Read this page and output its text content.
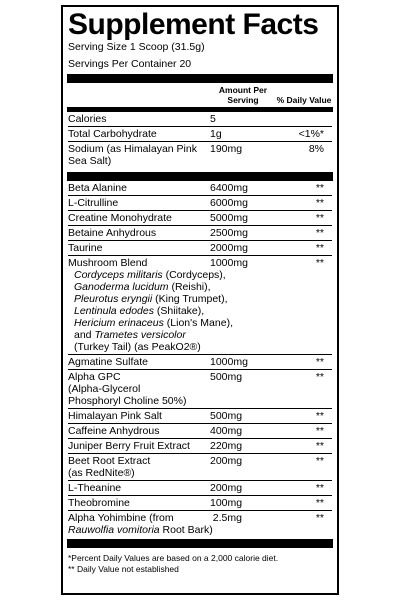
Supplement Facts
Serving Size 1 Scoop (31.5g)
Servings Per Container 20
Amount Per Serving	% Daily Value
Calories	5
Total Carbohydrate	1g	<1%*
Sodium (as Himalayan Pink Sea Salt)
190mg	8%
Beta Alanine	6400mg	**
L-Citrulline	6000mg	**
Creatine Monohydrate	5000mg	**
Betaine Anhydrous	2500mg	**
Taurine	2000mg	**
Mushroom Blend	1000mg
Cordyceps militaris (Cordyceps),
Ganoderma lucidum (Reishi),
Pleurotus eryngii (King Trumpet),
Lentinula edodes (Shiitake),
Hericium erinaceus (Lion's Mane),
and Trametes versicolor
(Turkey Tail) (as PeakO2®)
**
Agmatine Sulfate	1000mg	**
Alpha GPC
(Alpha-Glycerol
Phosphoryl Choline 50%)
500mg	**
Himalayan Pink Salt	500mg	**
Caffeine Anhydrous	400mg	**
Juniper Berry Fruit Extract	220mg	**
Beet Root Extract
(as RedNite®)
200mg	**
L-Theanine	200mg	**
Theobromine	100mg	**
Alpha Yohimbine (from
Rauwolfia vomitoria Root Bark)
2.5mg	**
*Percent Daily Values are based on a 2,000 calorie diet.
** Daily Value not established
